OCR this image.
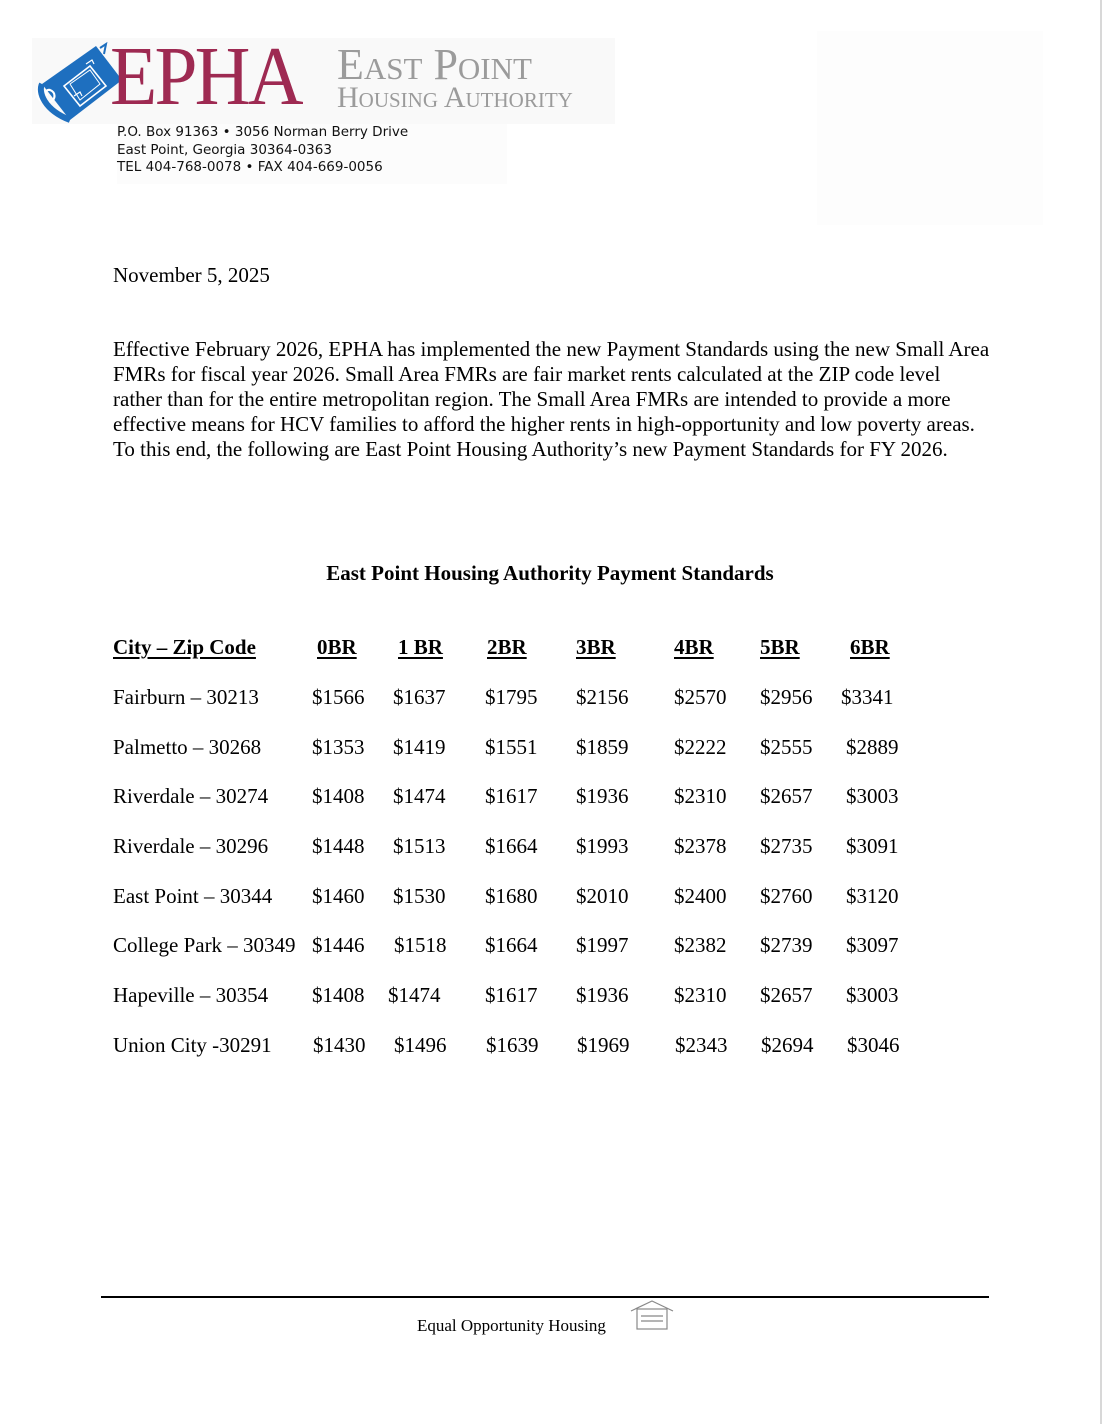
EPHA East Point
Housing Authority
P.O. Box 91363 • 3056 Norman Berry Drive
East Point, Georgia 30364-0363
TEL 404-768-0078 • FAX 404-669-0056
November 5, 2025

Effective February 2026, EPHA has implemented the new Payment Standards using the new Small Area FMRs for fiscal year 2026. Small Area FMRs are fair market rents calculated at the ZIP code level rather than for the entire metropolitan region. The Small Area FMRs are intended to provide a more effective means for HCV families to afford the higher rents in high-opportunity and low poverty areas. To this end, the following are East Point Housing Authority’s new Payment Standards for FY 2026.

East Point Housing Authority Payment Standards
City – Zip Code	0BR 1 BR 2BR 3BR	4BR 5BR 6BR
Fairburn – 30213	$1566 $1637 $1795 $2156 $2570 $2956 $3341
Palmetto – 30268 $1353 $1419 $1551 $1859 $2222 $2555 $2889
Riverdale – 30274 $1408 $1474 $1617 $1936 $2310 $2657 $3003
Riverdale – 30296 $1448 $1513 $1664 $1993 $2378 $2735 $3091
East Point – 30344 $1460 $1530 $1680 $2010 $2400 $2760 $3120
College Park – 30349 $1446 $1518 $1664 $1997 $2382 $2739 $3097
Hapeville – 30354 $1408 $1474 $1617 $1936 $2310 $2657 $3003
Union City -30291 $1430 $1496 $1639 $1969 $2343 $2694 $3046
Equal Opportunity Housing
